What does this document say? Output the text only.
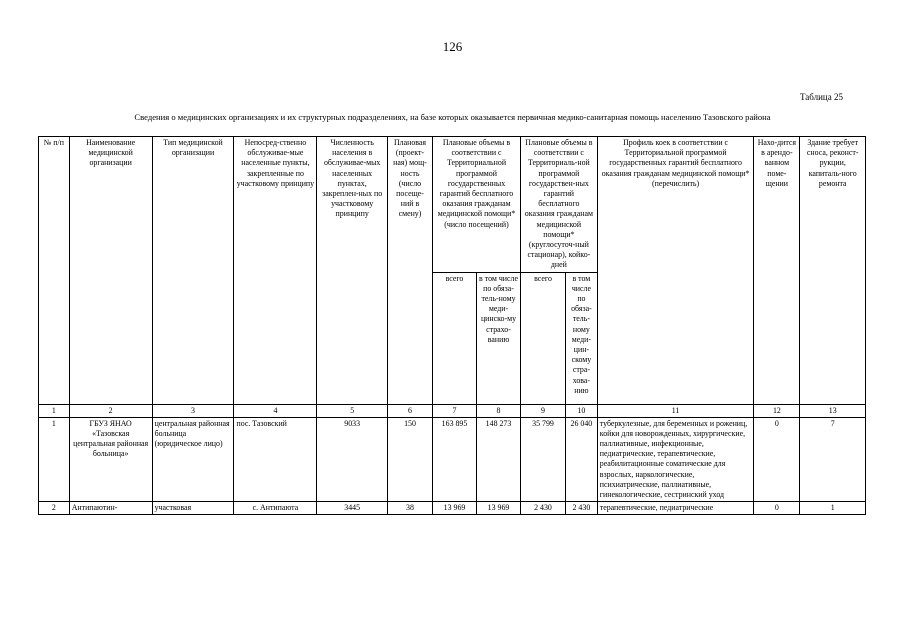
126
Таблица 25
Сведения о медицинских организациях и их структурных подразделениях, на базе которых оказывается первичная медико-санитарная помощь населению Тазовского района
№ п/п	Наименование медицинской организации	Тип медицинской организации	Непосред-ственно обслуживае-мые населенные пункты, закрепленные по участковому принципу	Численность населения в обслуживае-мых населенных пунктах, закреплен-ных по участковому принципу	Плановая (проект-ная) мощ-ность (число посеще-ний в смену)	Плановые объемы в соответствии с Территориальной программой государственных гарантий бесплатного оказания гражданам медицинской помощи* (число посещений)		Плановые объемы в соответствии с Территориаль-ной программой государствен-ных гарантий бесплатного оказания гражданам медицинской помощи* (круглосуточ-ный стационар), койко-дней		Профиль коек в соответствии с Территориальной программой государственных гарантий бесплатного оказания гражданам медицинской помощи* (перечислить)	Нахо-дится в арендо-ванном поме-щении	Здание требует сноса, реконст-рукции, капиталь-ного ремонта
						всего	в том числе по обяза-тель-ному меди-цинско-му страхо-ванию	всего	в том числе по обяза-тель-ному меди-цин-скому стра-хова-нию			
1	2	3	4	5	6	7	8	9	10	11	12	13
1	ГБУЗ ЯНАО «Тазовская центральная районная больница»	центральная районная больница (юридическое лицо)	пос. Тазовский	9033	150	163 895	148 273	35 799	26 040	туберкулезные, для беременных и рожениц, койки для новорожденных, хирургические, паллиативные, инфекционные, педиатрические, терапевтические, реабилитационные соматические для взрослых, наркологические, психиатрические, паллиативные, гинекологические, сестринский уход	0	7
2	Антипаютин-	участковая	с. Антипаюта	3445	38	13 969	13 969	2 430	2 430	терапевтические, педиатрические	0	1
